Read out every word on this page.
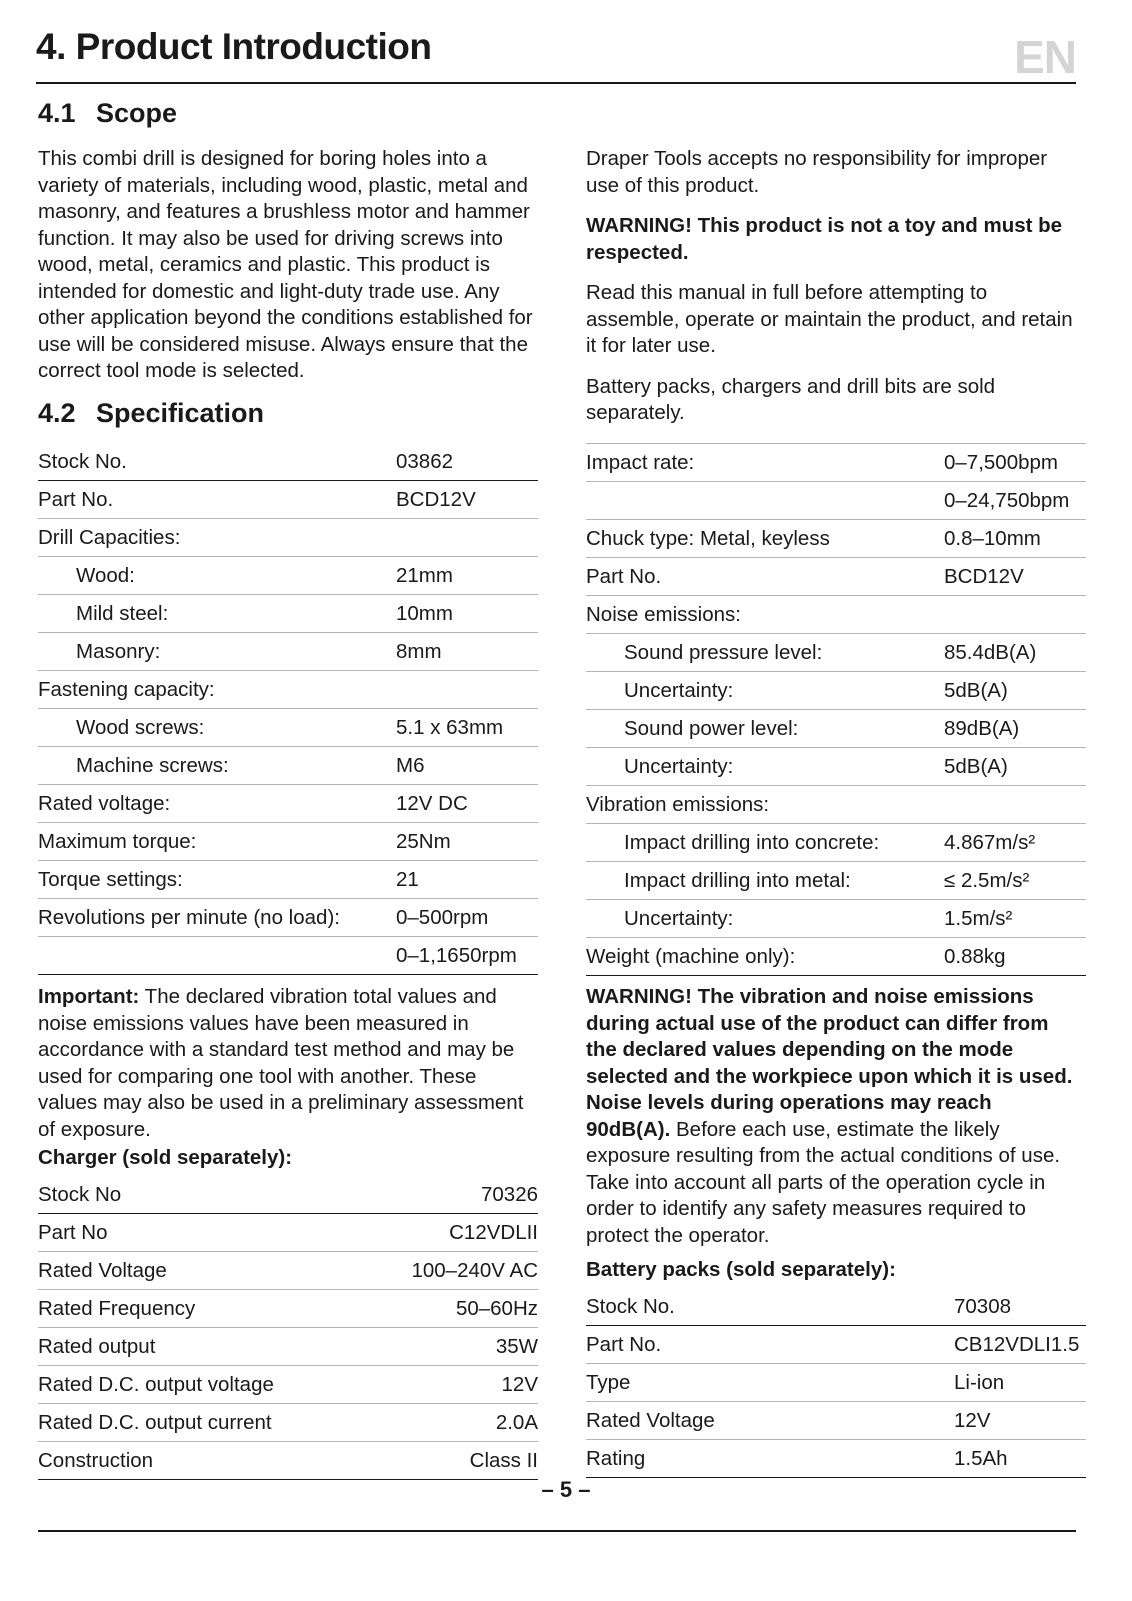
4. Product Introduction	EN
4.1 Scope

This combi drill is designed for boring holes into a variety of materials, including wood, plastic, metal and masonry, and features a brushless motor and hammer function. It may also be used for driving screws into wood, metal, ceramics and plastic. This product is intended for domestic and light-duty trade use. Any other application beyond the conditions established for use will be considered misuse. Always ensure that the correct tool mode is selected.

Draper Tools accepts no responsibility for improper use of this product.

WARNING! This product is not a toy and must be respected.

Read this manual in full before attempting to assemble, operate or maintain the product, and retain it for later use.

Battery packs, chargers and drill bits are sold separately.

4.2 Specification
Stock No.	03862
Part No.	BCD12V
Drill Capacities:	
Wood:	21mm
Mild steel:	10mm
Masonry:	8mm
Fastening capacity:	
Wood screws:	5.1 x 63mm
Machine screws:	M6
Rated voltage:	12V DC
Maximum torque:	25Nm
Torque settings:	21
Revolutions per minute (no load):	0–500rpm
	0–1,1650rpm
Impact rate:	0–7,500bpm
	0–24,750bpm
Chuck type: Metal, keyless	0.8–10mm
Part No.	BCD12V
Noise emissions:	
Sound pressure level:	85.4dB(A)
Uncertainty:	5dB(A)
Sound power level:	89dB(A)
Uncertainty:	5dB(A)
Vibration emissions:	
Impact drilling into concrete:	4.867m/s²
Impact drilling into metal:	≤ 2.5m/s²
Uncertainty:	1.5m/s²
Weight (machine only):	0.88kg

Important: The declared vibration total values and noise emissions values have been measured in accordance with a standard test method and may be used for comparing one tool with another. These values may also be used in a preliminary assessment of exposure.

WARNING! The vibration and noise emissions during actual use of the product can differ from the declared values depending on the mode selected and the workpiece upon which it is used. Noise levels during operations may reach 90dB(A). Before each use, estimate the likely exposure resulting from the actual conditions of use. Take into account all parts of the operation cycle in order to identify any safety measures required to protect the operator.

Charger (sold separately):
Stock No	70326
Part No	C12VDLII
Rated Voltage	100–240V AC
Rated Frequency	50–60Hz
Rated output	35W
Rated D.C. output voltage	12V
Rated D.C. output current	2.0A
Construction	Class II
Battery packs (sold separately):
Stock No.	70308
Part No.	CB12VDLI1.5
Type	Li-ion
Rated Voltage	12V
Rating	1.5Ah
– 5 –
